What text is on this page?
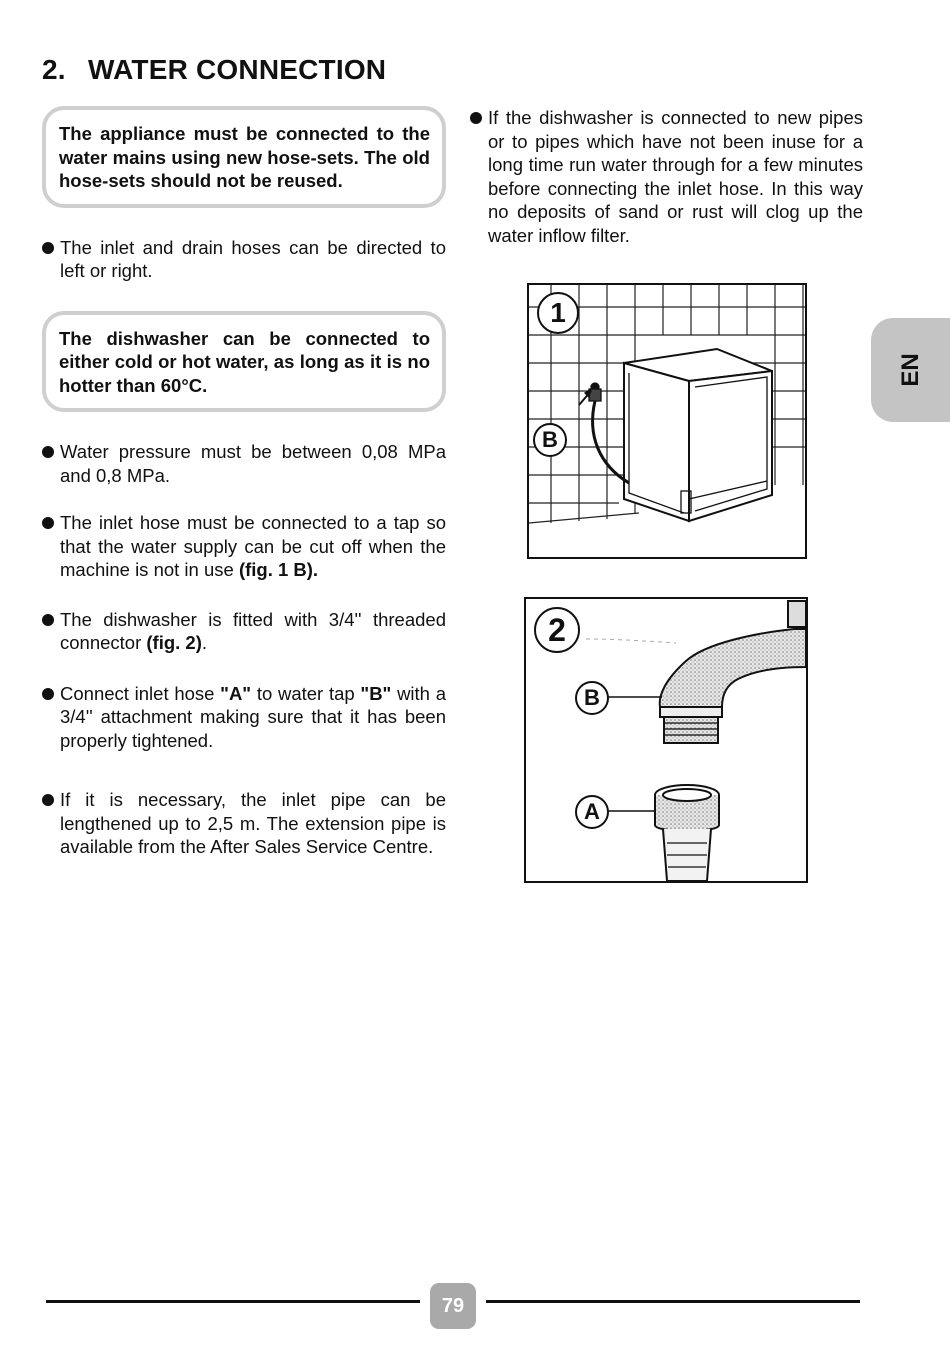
2. WATER CONNECTION
The appliance must be connected to the water mains using new hose-sets. The old hose-sets should not be reused.
The inlet and drain hoses can be directed to left or right.
The dishwasher can be connected to either cold or hot water, as long as it is no hotter than 60°C.
Water pressure must be between 0,08 MPa and 0,8 MPa.
The inlet hose must be connected to a tap so that the water supply can be cut off when the machine is not in use (fig. 1 B).
The dishwasher is fitted with 3/4'' threaded connector (fig. 2).
Connect inlet hose "A" to water tap "B" with a 3/4'' attachment making sure that it has been properly tightened.
If it is necessary, the inlet pipe can be lengthened up to 2,5 m. The extension pipe is available from the After Sales Service Centre.
If the dishwasher is connected to new pipes or to pipes which have not been inuse for a long time run water through for a few minutes before connecting the inlet hose. In this way no deposits of sand or rust will clog up the water inflow filter.
1
B
2
B
A
EN
79
